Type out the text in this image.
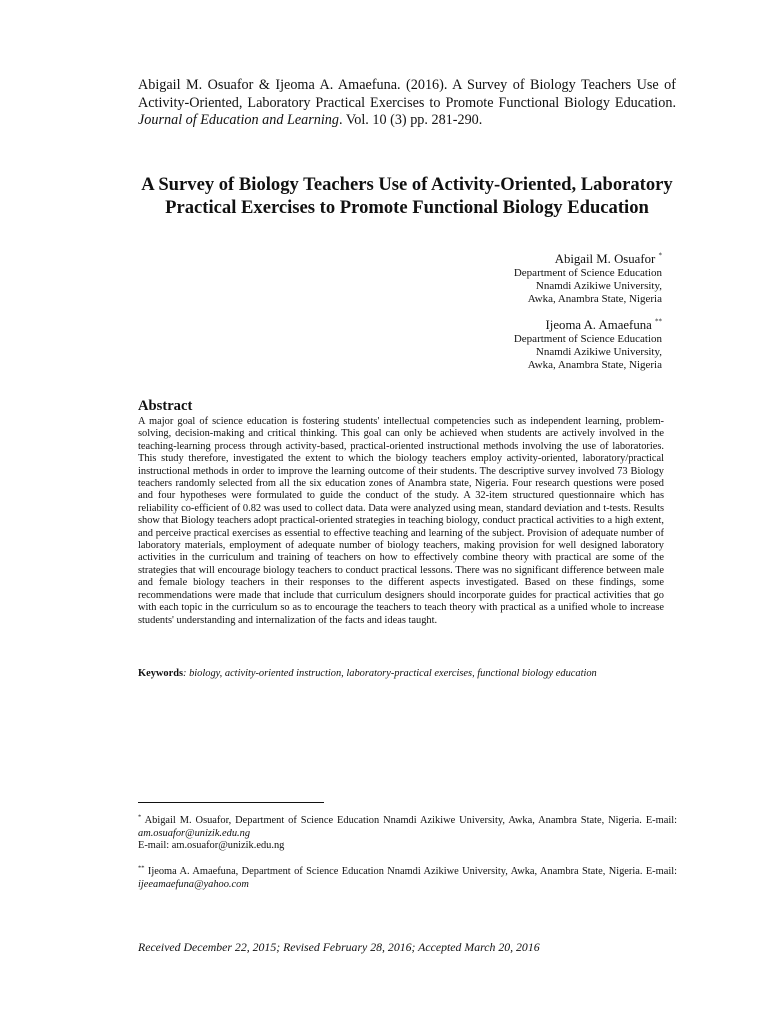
Abigail M. Osuafor & Ijeoma A. Amaefuna. (2016). A Survey of Biology Teachers Use of Activity-Oriented, Laboratory Practical Exercises to Promote Functional Biology Education. Journal of Education and Learning. Vol. 10 (3) pp. 281-290.
A Survey of Biology Teachers Use of Activity-Oriented, Laboratory Practical Exercises to Promote Functional Biology Education
Abigail M. Osuafor *
Department of Science Education
Nnamdi Azikiwe University,
Awka, Anambra State, Nigeria
Ijeoma A. Amaefuna **
Department of Science Education
Nnamdi Azikiwe University,
Awka, Anambra State, Nigeria
Abstract
A major goal of science education is fostering students' intellectual competencies such as independent learning, problem-solving, decision-making and critical thinking. This goal can only be achieved when students are actively involved in the teaching-learning process through activity-based, practical-oriented instructional methods involving the use of laboratories. This study therefore, investigated the extent to which the biology teachers employ activity-oriented, laboratory/practical instructional methods in order to improve the learning outcome of their students. The descriptive survey involved 73 Biology teachers randomly selected from all the six education zones of Anambra state, Nigeria. Four research questions were posed and four hypotheses were formulated to guide the conduct of the study. A 32-item structured questionnaire which has reliability co-efficient of 0.82 was used to collect data. Data were analyzed using mean, standard deviation and t-tests. Results show that Biology teachers adopt practical-oriented strategies in teaching biology, conduct practical activities to a high extent, and perceive practical exercises as essential to effective teaching and learning of the subject. Provision of adequate number of laboratory materials, employment of adequate number of biology teachers, making provision for well designed laboratory activities in the curriculum and training of teachers on how to effectively combine theory with practical are some of the strategies that will encourage biology teachers to conduct practical lessons. There was no significant difference between male and female biology teachers in their responses to the different aspects investigated. Based on these findings, some recommendations were made that include that curriculum designers should incorporate guides for practical activities that go with each topic in the curriculum so as to encourage the teachers to teach theory with practical as a unified whole to increase students' understanding and internalization of the facts and ideas taught.
Keywords: biology, activity-oriented instruction, laboratory-practical exercises, functional biology education
* Abigail M. Osuafor, Department of Science Education Nnamdi Azikiwe University, Awka, Anambra State, Nigeria. E-mail: am.osuafor@unizik.edu.ng
E-mail: am.osuafor@unizik.edu.ng
** Ijeoma A. Amaefuna, Department of Science Education Nnamdi Azikiwe University, Awka, Anambra State, Nigeria. E-mail: ijeeamaefuna@yahoo.com
Received December 22, 2015; Revised February 28, 2016; Accepted March 20, 2016
